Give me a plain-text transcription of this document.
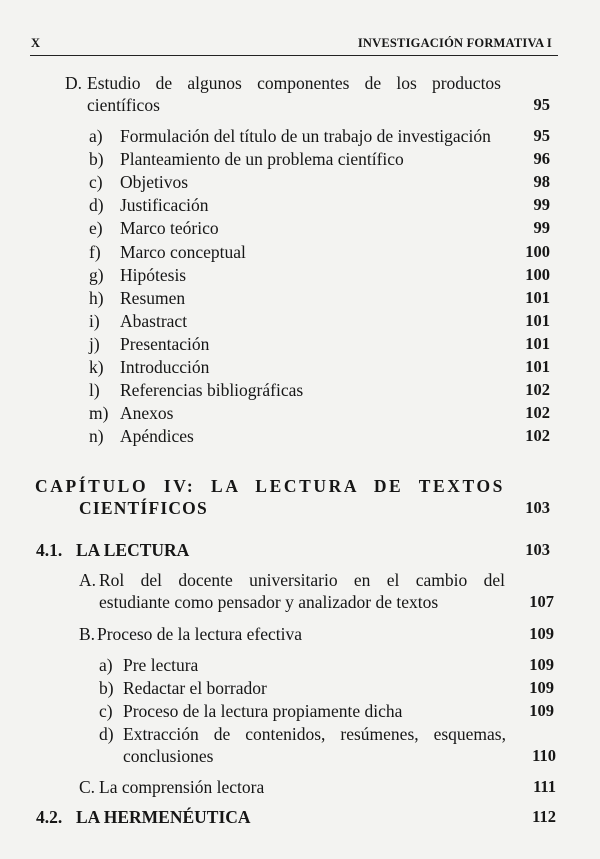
X	INVESTIGACIÓN FORMATIVA I
D. Estudio de algunos componentes de los productos
científicos	95
a) Formulación del título de un trabajo de investigación	95
b) Planteamiento de un problema científico	96
c) Objetivos	98
d) Justificación	99
e) Marco teórico	99
f) Marco conceptual	100
g) Hipótesis	100
h) Resumen	101
i) Abastract	101
j) Presentación	101
k) Introducción	101
l) Referencias bibliográficas	102
m) Anexos	102
n) Apéndices	102
CAPÍTULO IV: LA LECTURA DE TEXTOS
CIENTÍFICOS	103
4.1. LA LECTURA	103
A. Rol del docente universitario en el cambio del
estudiante como pensador y analizador de textos	107
B. Proceso de la lectura efectiva	109
a) Pre lectura	109
b) Redactar el borrador	109
c) Proceso de la lectura propiamente dicha	109
d) Extracción de contenidos, resúmenes, esquemas,
conclusiones	110
C. La comprensión lectora	111
4.2. LA HERMENÉUTICA	112
